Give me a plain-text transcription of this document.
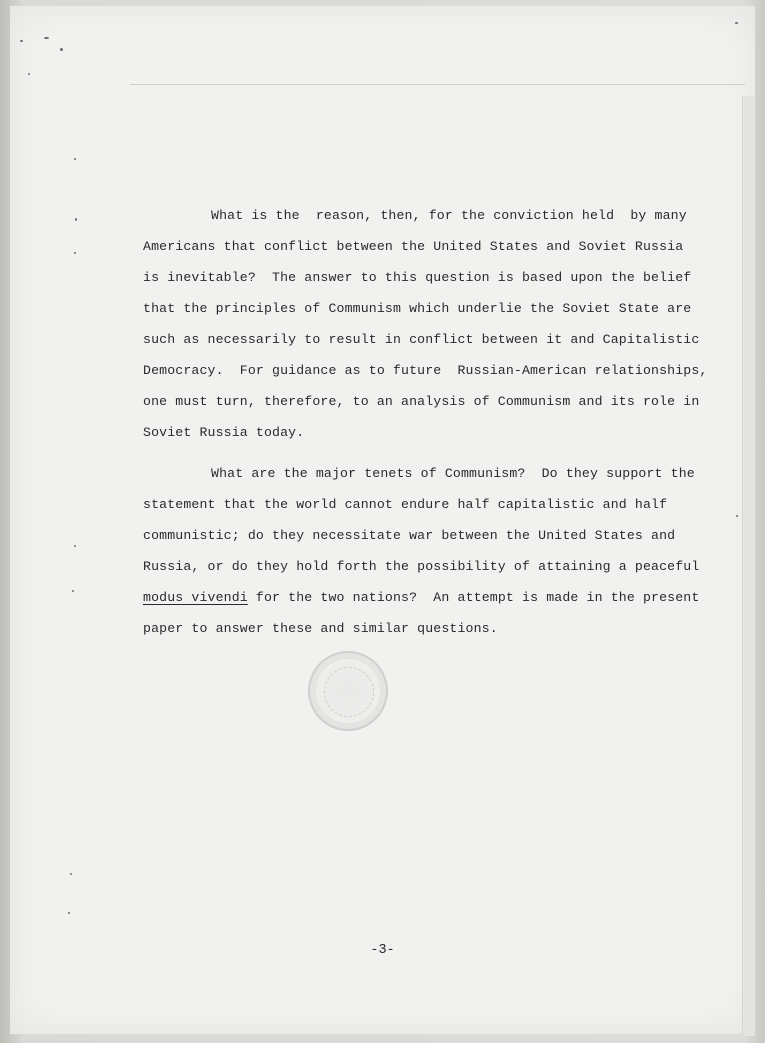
What is the  reason, then, for the conviction held  by many
Americans that conflict between the United States and Soviet Russia
is inevitable?  The answer to this question is based upon the belief
that the principles of Communism which underlie the Soviet State are
such as necessarily to result in conflict between it and Capitalistic
Democracy.  For guidance as to future  Russian-American relationships,
one must turn, therefore, to an analysis of Communism and its role in
Soviet Russia today.
What are the major tenets of Communism?  Do they support the
statement that the world cannot endure half capitalistic and half
communistic; do they necessitate war between the United States and
Russia, or do they hold forth the possibility of attaining a peaceful
modus vivendi for the two nations?  An attempt is made in the present
paper to answer these and similar questions.
-3-
